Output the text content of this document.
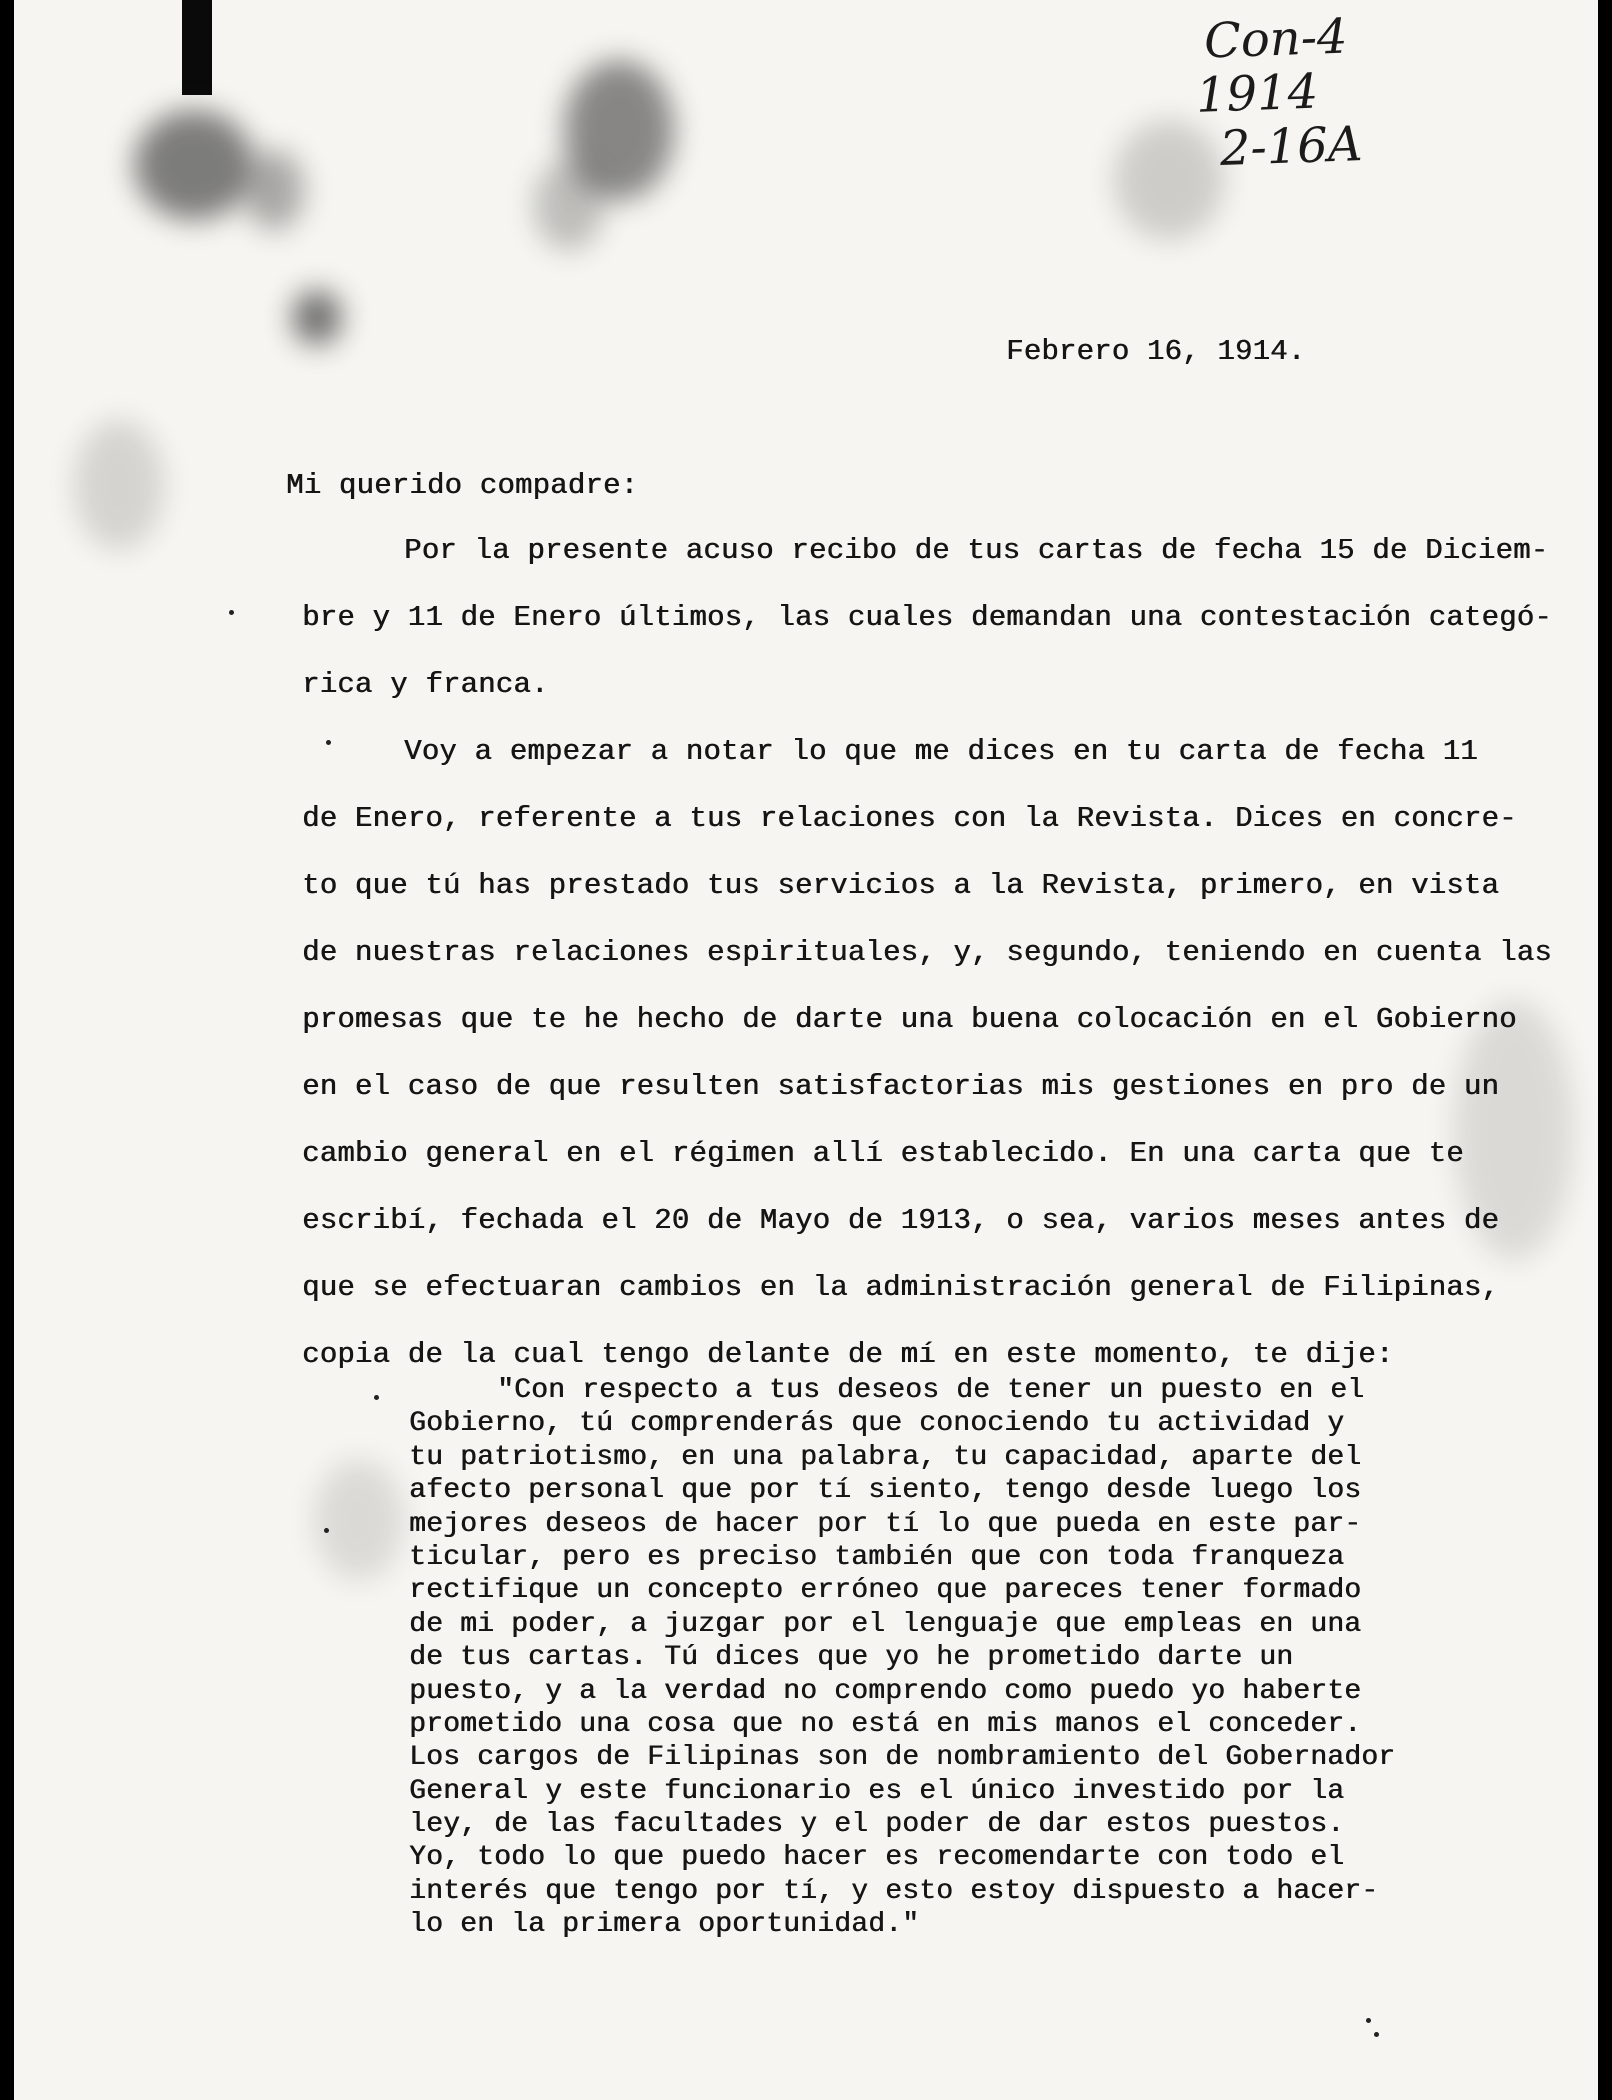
Con-4
1914
2-16A
Febrero 16, 1914.
Mi querido compadre:
Por la presente acuso recibo de tus cartas de fecha 15 de Diciem-
bre y 11 de Enero últimos, las cuales demandan una contestación categó-
rica y franca.
Voy a empezar a notar lo que me dices en tu carta de fecha 11
de Enero, referente a tus relaciones con la Revista. Dices en concre-
to que tú has prestado tus servicios a la Revista, primero, en vista
de nuestras relaciones espirituales, y, segundo, teniendo en cuenta las
promesas que te he hecho de darte una buena colocación en el Gobierno
en el caso de que resulten satisfactorias mis gestiones en pro de un
cambio general en el régimen allí establecido. En una carta que te
escribí, fechada el 20 de Mayo de 1913, o sea, varios meses antes de
que se efectuaran cambios en la administración general de Filipinas,
copia de la cual tengo delante de mí en este momento, te dije:
"Con respecto a tus deseos de tener un puesto en el
Gobierno, tú comprenderás que conociendo tu actividad y
tu patriotismo, en una palabra, tu capacidad, aparte del
afecto personal que por tí siento, tengo desde luego los
mejores deseos de hacer por tí lo que pueda en este par-
ticular, pero es preciso también que con toda franqueza
rectifique un concepto erróneo que pareces tener formado
de mi poder, a juzgar por el lenguaje que empleas en una
de tus cartas. Tú dices que yo he prometido darte un
puesto, y a la verdad no comprendo como puedo yo haberte
prometido una cosa que no está en mis manos el conceder.
Los cargos de Filipinas son de nombramiento del Gobernador
General y este funcionario es el único investido por la
ley, de las facultades y el poder de dar estos puestos.
Yo, todo lo que puedo hacer es recomendarte con todo el
interés que tengo por tí, y esto estoy dispuesto a hacer-
lo en la primera oportunidad."
